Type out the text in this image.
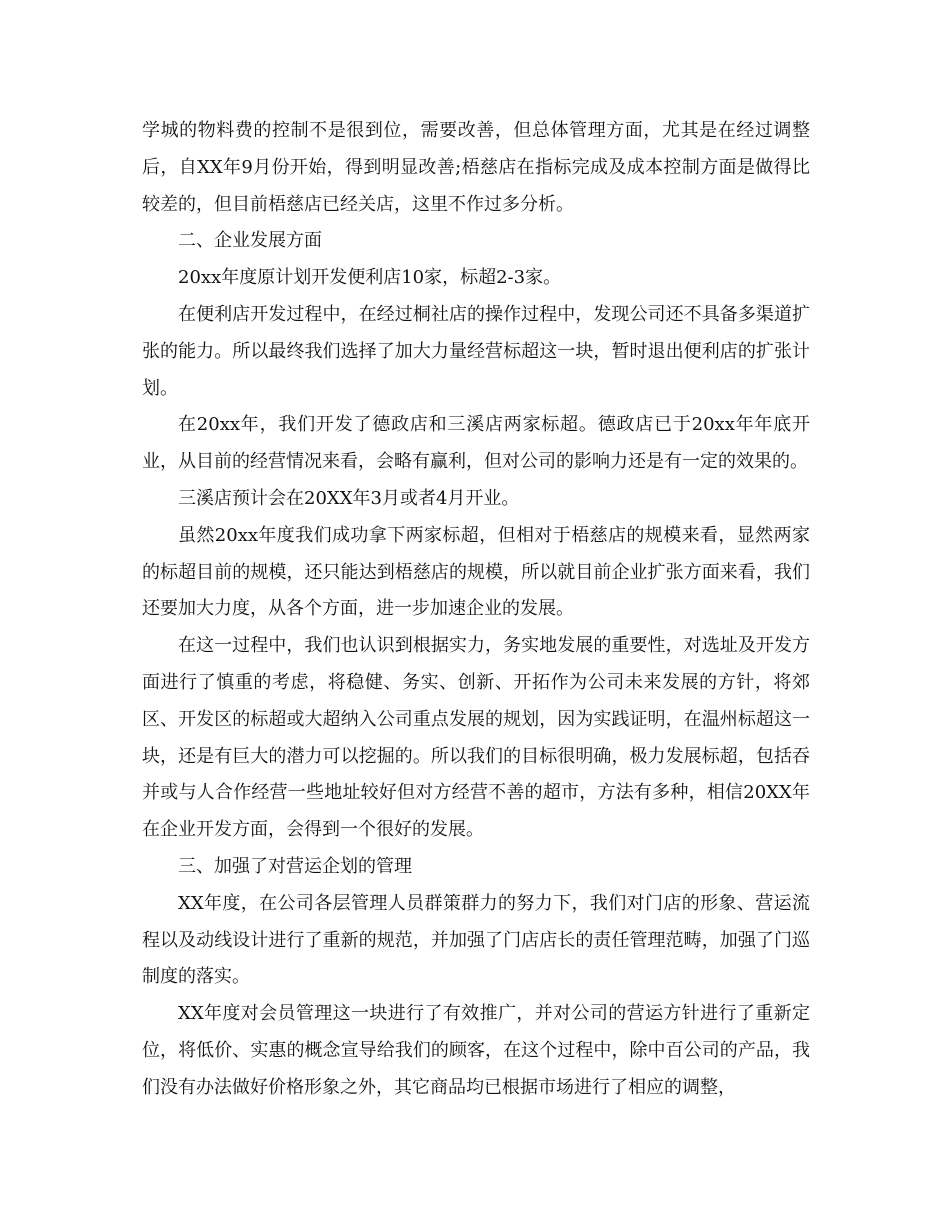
学城的物料费的控制不是很到位，需要改善，但总体管理方面，尤其是在经过调整后，自XX年9月份开始，得到明显改善;梧慈店在指标完成及成本控制方面是做得比较差的，但目前梧慈店已经关店，这里不作过多分析。

二、企业发展方面

20xx年度原计划开发便利店10家，标超2-3家。

在便利店开发过程中，在经过桐社店的操作过程中，发现公司还不具备多渠道扩张的能力。所以最终我们选择了加大力量经营标超这一块，暂时退出便利店的扩张计划。

在20xx年，我们开发了德政店和三溪店两家标超。德政店已于20xx年年底开业，从目前的经营情况来看，会略有赢利，但对公司的影响力还是有一定的效果的。

三溪店预计会在20XX年3月或者4月开业。

虽然20xx年度我们成功拿下两家标超，但相对于梧慈店的规模来看，显然两家的标超目前的规模，还只能达到梧慈店的规模，所以就目前企业扩张方面来看，我们还要加大力度，从各个方面，进一步加速企业的发展。

在这一过程中，我们也认识到根据实力，务实地发展的重要性，对选址及开发方面进行了慎重的考虑，将稳健、务实、创新、开拓作为公司未来发展的方针，将郊区、开发区的标超或大超纳入公司重点发展的规划，因为实践证明，在温州标超这一块，还是有巨大的潜力可以挖掘的。所以我们的目标很明确，极力发展标超，包括吞并或与人合作经营一些地址较好但对方经营不善的超市，方法有多种，相信20XX年在企业开发方面，会得到一个很好的发展。

三、加强了对营运企划的管理

XX年度，在公司各层管理人员群策群力的努力下，我们对门店的形象、营运流程以及动线设计进行了重新的规范，并加强了门店店长的责任管理范畴，加强了门巡制度的落实。

XX年度对会员管理这一块进行了有效推广，并对公司的营运方针进行了重新定位，将低价、实惠的概念宣导给我们的顾客，在这个过程中，除中百公司的产品，我们没有办法做好价格形象之外，其它商品均已根据市场进行了相应的调整，
